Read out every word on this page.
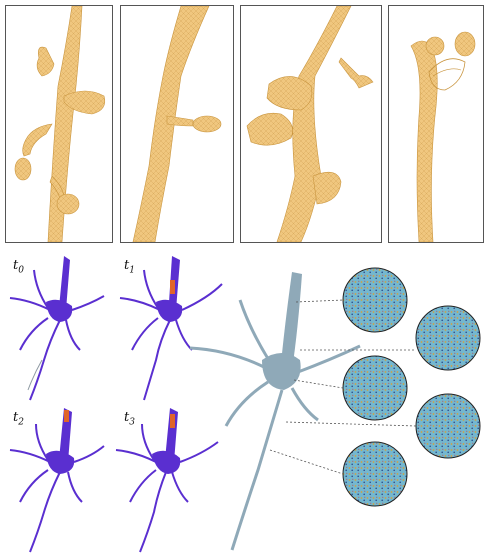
$t_0$	$t_1$
$t_2$	$t_3$
